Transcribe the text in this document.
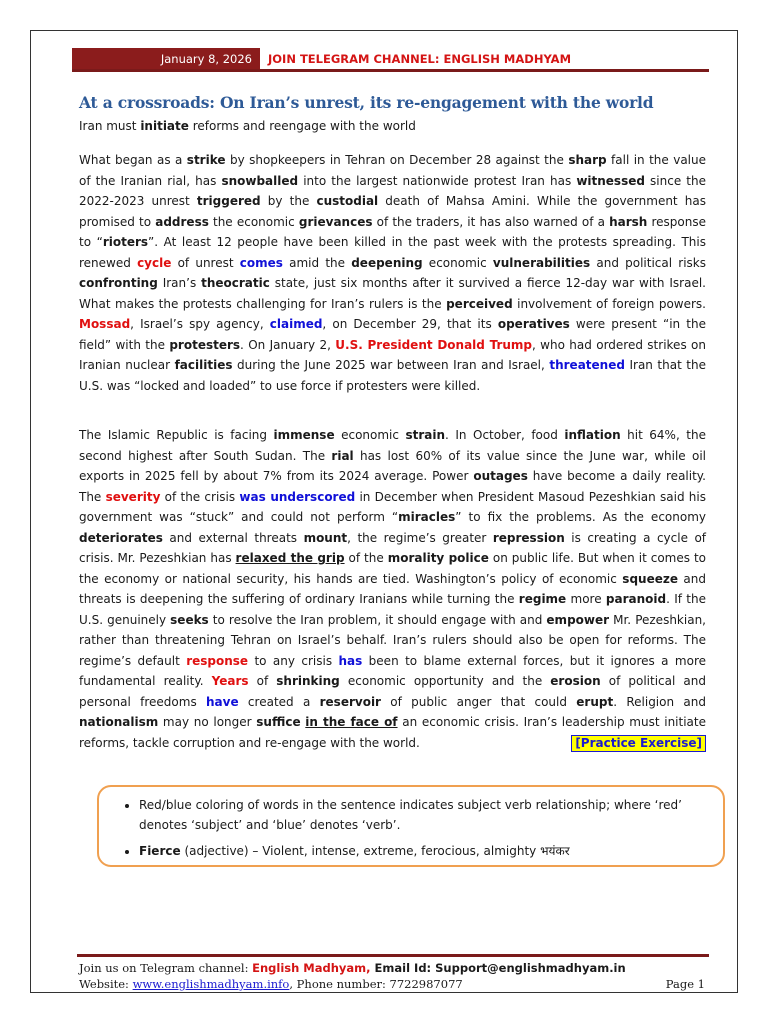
January 8, 2026	JOIN TELEGRAM CHANNEL: ENGLISH MADHYAM
At a crossroads: On Iran’s unrest, its re-engagement with the world
Iran must initiate reforms and reengage with the world

What began as a strike by shopkeepers in Tehran on December 28 against the sharp fall in the value of the Iranian rial, has snowballed into the largest nationwide protest Iran has witnessed since the 2022-2023 unrest triggered by the custodial death of Mahsa Amini. While the government has promised to address the economic grievances of the traders, it has also warned of a harsh response to “rioters”. At least 12 people have been killed in the past week with the protests spreading. This renewed cycle of unrest comes amid the deepening economic vulnerabilities and political risks confronting Iran’s theocratic state, just six months after it survived a fierce 12-day war with Israel. What makes the protests challenging for Iran’s rulers is the perceived involvement of foreign powers. Mossad, Israel’s spy agency, claimed, on December 29, that its operatives were present “in the field” with the protesters. On January 2, U.S. President Donald Trump, who had ordered strikes on Iranian nuclear facilities during the June 2025 war between Iran and Israel, threatened Iran that the U.S. was “locked and loaded” to use force if protesters were killed.

The Islamic Republic is facing immense economic strain. In October, food inflation hit 64%, the second highest after South Sudan. The rial has lost 60% of its value since the June war, while oil exports in 2025 fell by about 7% from its 2024 average. Power outages have become a daily reality. The severity of the crisis was underscored in December when President Masoud Pezeshkian said his government was “stuck” and could not perform “miracles” to fix the problems. As the economy deteriorates and external threats mount, the regime’s greater repression is creating a cycle of crisis. Mr. Pezeshkian has relaxed the grip of the morality police on public life. But when it comes to the economy or national security, his hands are tied. Washington’s policy of economic squeeze and threats is deepening the suffering of ordinary Iranians while turning the regime more paranoid. If the U.S. genuinely seeks to resolve the Iran problem, it should engage with and empower Mr. Pezeshkian, rather than threatening Tehran on Israel’s behalf. Iran’s rulers should also be open for reforms. The regime’s default response to any crisis has been to blame external forces, but it ignores a more fundamental reality. Years of shrinking economic opportunity and the erosion of political and personal freedoms have created a reservoir of public anger that could erupt. Religion and nationalism may no longer suffice in the face of an economic crisis. Iran’s leadership must initiate reforms, tackle corruption and re-engage with the world.	[Practice Exercise]

• Red/blue coloring of words in the sentence indicates subject verb relationship; where ‘red’ denotes ‘subject’ and ‘blue’ denotes ‘verb’.
• Fierce (adjective) – Violent, intense, extreme, ferocious, almighty भयंकर
Join us on Telegram channel: English Madhyam, Email Id: Support@englishmadhyam.in
Website: www.englishmadhyam.info, Phone number: 7722987077	Page 1
